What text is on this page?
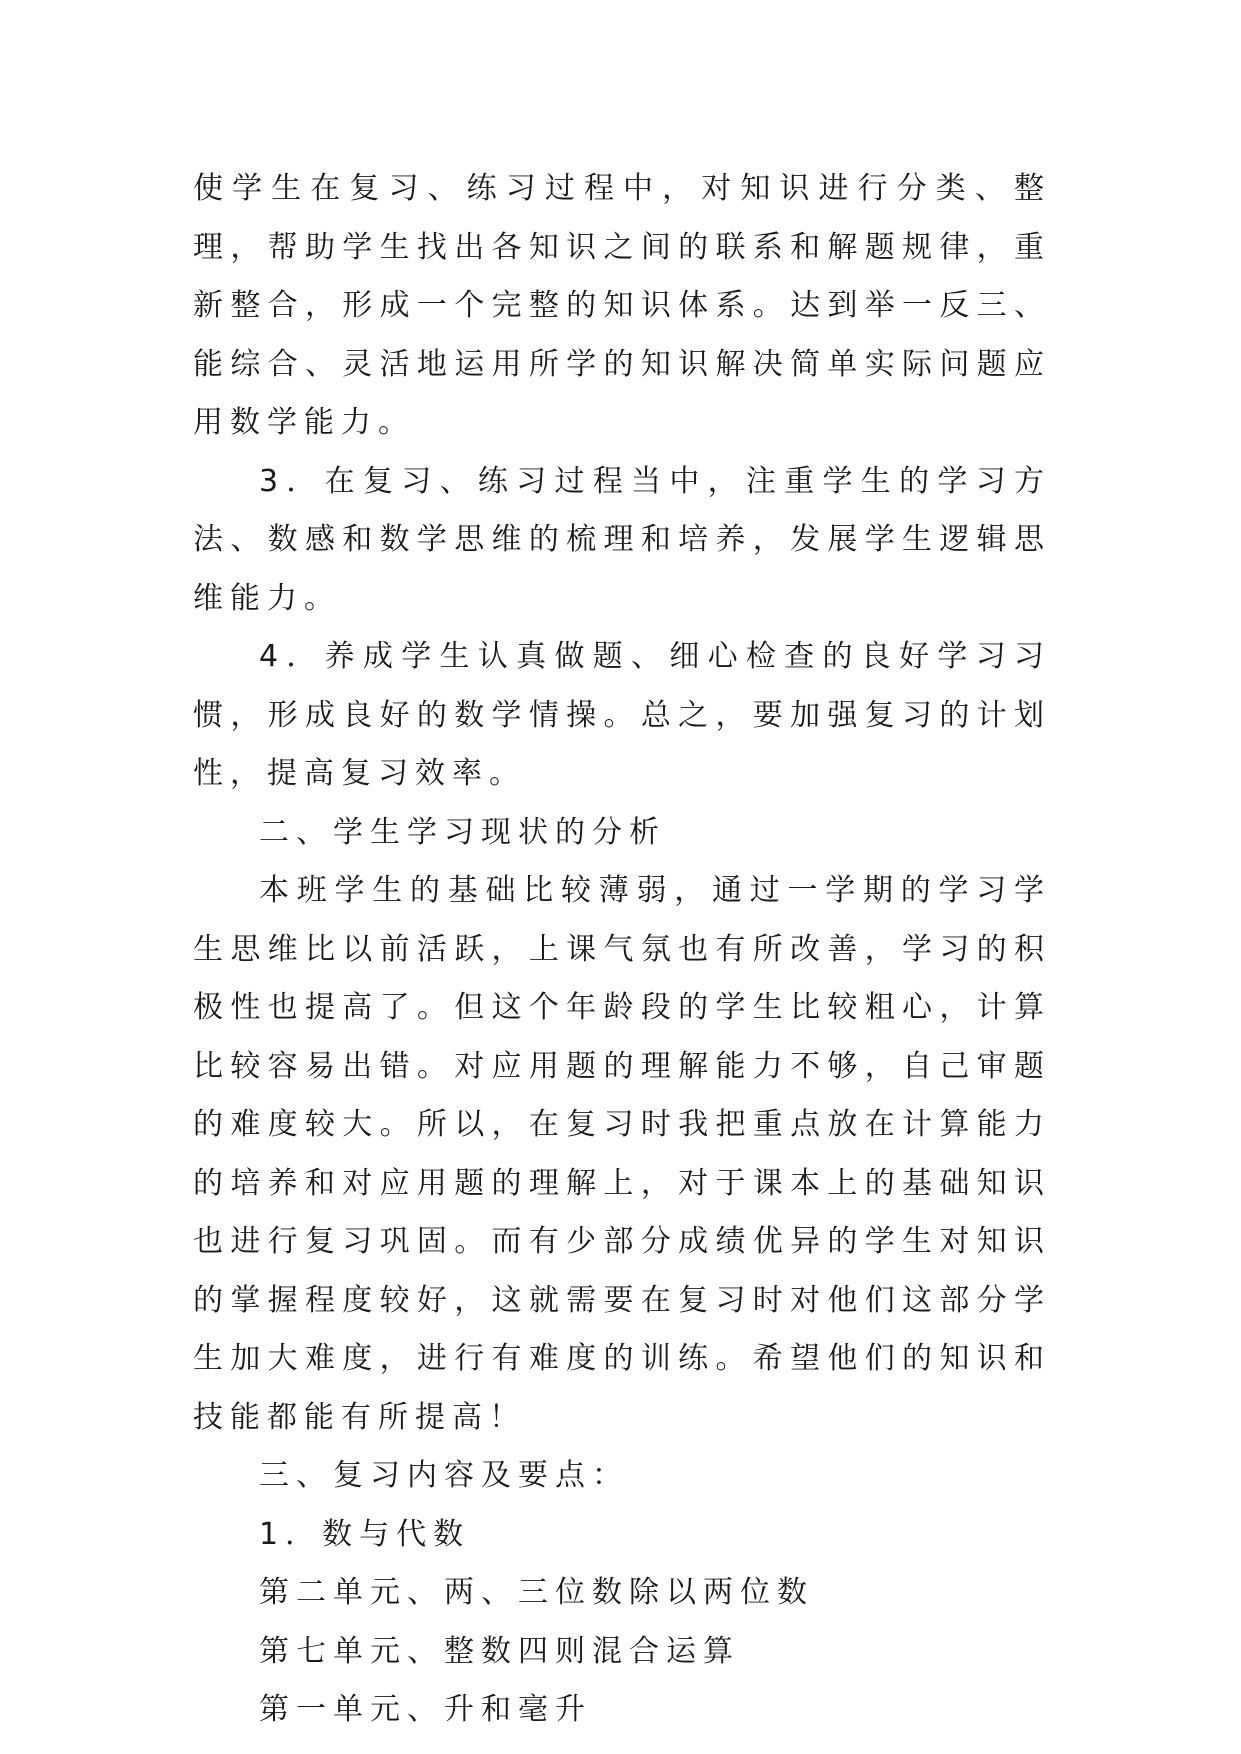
使学生在复习、练习过程中，对知识进行分类、整理，帮助学生找出各知识之间的联系和解题规律，重新整合，形成一个完整的知识体系。达到举一反三、能综合、灵活地运用所学的知识解决简单实际问题应用数学能力。

3．在复习、练习过程当中，注重学生的学习方法、数感和数学思维的梳理和培养，发展学生逻辑思维能力。

4．养成学生认真做题、细心检查的良好学习习惯，形成良好的数学情操。总之，要加强复习的计划性，提高复习效率。

二、学生学习现状的分析

本班学生的基础比较薄弱，通过一学期的学习学生思维比以前活跃，上课气氛也有所改善，学习的积极性也提高了。但这个年龄段的学生比较粗心，计算比较容易出错。对应用题的理解能力不够，自己审题的难度较大。所以，在复习时我把重点放在计算能力的培养和对应用题的理解上，对于课本上的基础知识也进行复习巩固。而有少部分成绩优异的学生对知识的掌握程度较好，这就需要在复习时对他们这部分学生加大难度，进行有难度的训练。希望他们的知识和技能都能有所提高！

三、复习内容及要点：

1．数与代数

第二单元、两、三位数除以两位数

第七单元、整数四则混合运算

第一单元、升和毫升
